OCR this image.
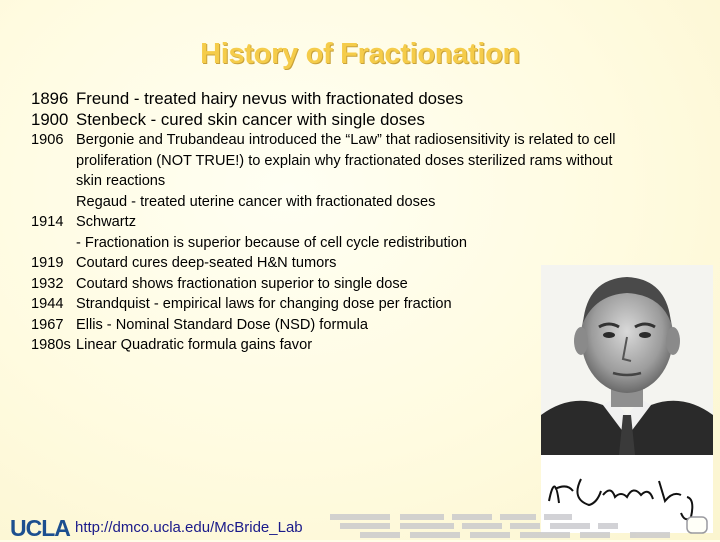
History of Fractionation
1896 Freund - treated hairy nevus with fractionated doses
1900 Stenbeck - cured skin cancer with single doses
1906 Bergonie and Trubandeau introduced the “Law” that radiosensitivity is related to cell proliferation (NOT TRUE!) to explain why fractionated doses sterilized rams without skin reactions
Regaud - treated uterine cancer with fractionated doses
1914 Schwartz
- Fractionation is superior because of cell cycle redistribution
1919 Coutard cures deep-seated H&N tumors
1932 Coutard shows fractionation superior to single dose
1944 Strandquist - empirical laws for changing dose per fraction
1967 Ellis - Nominal Standard Dose (NSD) formula
1980s Linear Quadratic formula gains favor
UCLA http://dmco.ucla.edu/McBride_Lab
